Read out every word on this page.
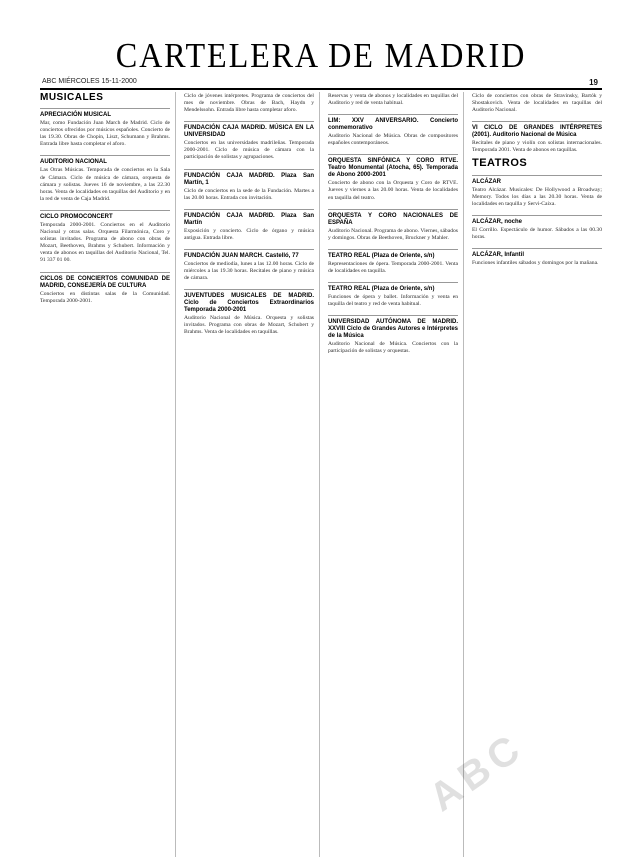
CARTELERA DE MADRID
ABC MIÉRCOLES 15-11-2000	19
MUSICALES
APRECIACIÓN MUSICAL
Mar, como Fundación Juan March de Madrid. Ciclo de conciertos ofrecidos por músicos españoles. Concierto de las 19.30. Obras de Chopin, Liszt, Schumann y Brahms. Entrada libre hasta completar el aforo.
AUDITORIO NACIONAL
Las Otras Músicas. Temporada de conciertos en la Sala de Cámara. Ciclo de música de cámara, orquesta de cámara y solistas. Jueves 16 de noviembre, a las 22.30 horas. Venta de localidades en taquillas del Auditorio y en la red de venta de Caja Madrid.
CICLO PROMOCONCERT
Temporada 2000-2001. Conciertos en el Auditorio Nacional y otras salas. Orquesta Filarmónica, Coro y solistas invitados. Programa de abono con obras de Mozart, Beethoven, Brahms y Schubert. Información y venta de abonos en taquillas del Auditorio Nacional, Tel. 91 337 01 00.
CICLOS DE CONCIERTOS COMUNIDAD DE MADRID, CONSEJERÍA DE CULTURA
Conciertos en distintas salas de la Comunidad. Temporada 2000-2001.
Ciclo de jóvenes intérpretes. Programa de conciertos del mes de noviembre. Obras de Bach, Haydn y Mendelssohn. Entrada libre hasta completar aforo.
FUNDACIÓN CAJA MADRID. MÚSICA EN LA UNIVERSIDAD
Conciertos en las universidades madrileñas. Temporada 2000-2001. Ciclo de música de cámara con la participación de solistas y agrupaciones.
FUNDACIÓN CAJA MADRID. Plaza San Martín, 1
Ciclo de conciertos en la sede de la Fundación. Martes a las 20.00 horas. Entrada con invitación.
FUNDACIÓN CAJA MADRID. Plaza San Martín
Exposición y concierto. Ciclo de órgano y música antigua. Entrada libre.
FUNDACIÓN JUAN MARCH. Castelló, 77
Conciertos de mediodía, lunes a las 12.00 horas. Ciclo de miércoles a las 19.30 horas. Recitales de piano y música de cámara.
JUVENTUDES MUSICALES DE MADRID. Ciclo de Conciertos Extraordinarios Temporada 2000-2001
Auditorio Nacional de Música. Orquesta y solistas invitados. Programa con obras de Mozart, Schubert y Brahms. Venta de localidades en taquillas.
Reservas y venta de abonos y localidades en taquillas del Auditorio y red de venta habitual.
LIM: XXV ANIVERSARIO. Concierto conmemorativo
Auditorio Nacional de Música. Obras de compositores españoles contemporáneos.
ORQUESTA SINFÓNICA Y CORO RTVE. Teatro Monumental (Atocha, 65). Temporada de Abono 2000-2001
Concierto de abono con la Orquesta y Coro de RTVE. Jueves y viernes a las 20.00 horas. Venta de localidades en taquilla del teatro.
ORQUESTA Y CORO NACIONALES DE ESPAÑA
Auditorio Nacional. Programa de abono. Viernes, sábados y domingos. Obras de Beethoven, Bruckner y Mahler.
TEATRO REAL (Plaza de Oriente, s/n)
Representaciones de ópera. Temporada 2000-2001. Venta de localidades en taquilla.
TEATRO REAL (Plaza de Oriente, s/n)
Funciones de ópera y ballet. Información y venta en taquilla del teatro y red de venta habitual.
UNIVERSIDAD AUTÓNOMA DE MADRID. XXVIII Ciclo de Grandes Autores e Intérpretes de la Música
Auditorio Nacional de Música. Conciertos con la participación de solistas y orquestas.
Ciclo de conciertos con obras de Stravinsky, Bartók y Shostakovich. Venta de localidades en taquillas del Auditorio Nacional.
VI CICLO DE GRANDES INTÉRPRETES (2001). Auditorio Nacional de Música
Recitales de piano y violín con solistas internacionales. Temporada 2001. Venta de abonos en taquillas.
TEATROS
ALCÁZAR
Teatro Alcázar. Musicales: De Hollywood a Broadway; Memory. Todos los días a las 20.30 horas. Venta de localidades en taquilla y Servi-Caixa.
ALCÁZAR, noche
El Corrillo. Espectáculo de humor. Sábados a las 00.30 horas.
ALCÁZAR, Infantil
Funciones infantiles sábados y domingos por la mañana.
ABC
